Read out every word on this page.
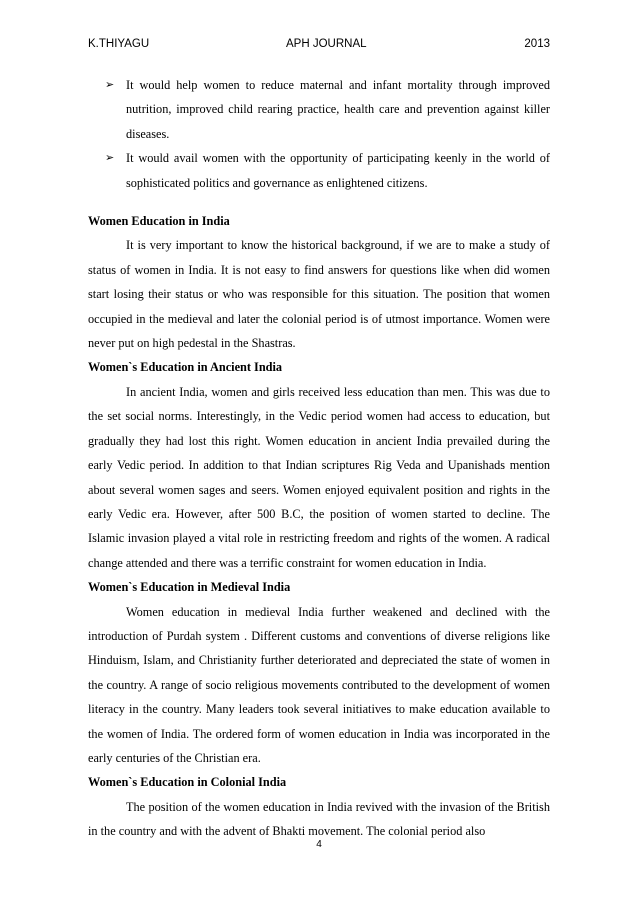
K.THIYAGU	APH JOURNAL	2013
➢ It would help women to reduce maternal and infant mortality through improved nutrition, improved child rearing practice, health care and prevention against killer diseases.
➢ It would avail women with the opportunity of participating keenly in the world of sophisticated politics and governance as enlightened citizens.

Women Education in India

It is very important to know the historical background, if we are to make a study of status of women in India. It is not easy to find answers for questions like when did women start losing their status or who was responsible for this situation. The position that women occupied in the medieval and later the colonial period is of utmost importance. Women were never put on high pedestal in the Shastras.

Women`s Education in Ancient India

In ancient India, women and girls received less education than men. This was due to the set social norms. Interestingly, in the Vedic period women had access to education, but gradually they had lost this right. Women education in ancient India prevailed during the early Vedic period. In addition to that Indian scriptures Rig Veda and Upanishads mention about several women sages and seers. Women enjoyed equivalent position and rights in the early Vedic era. However, after 500 B.C, the position of women started to decline. The Islamic invasion played a vital role in restricting freedom and rights of the women. A radical change attended and there was a terrific constraint for women education in India.

Women`s Education in Medieval India

Women education in medieval India further weakened and declined with the introduction of Purdah system . Different customs and conventions of diverse religions like Hinduism, Islam, and Christianity further deteriorated and depreciated the state of women in the country. A range of socio religious movements contributed to the development of women literacy in the country. Many leaders took several initiatives to make education available to the women of India. The ordered form of women education in India was incorporated in the early centuries of the Christian era.

Women`s Education in Colonial India

The position of the women education in India revived with the invasion of the British in the country and with the advent of Bhakti movement. The colonial period also

4
